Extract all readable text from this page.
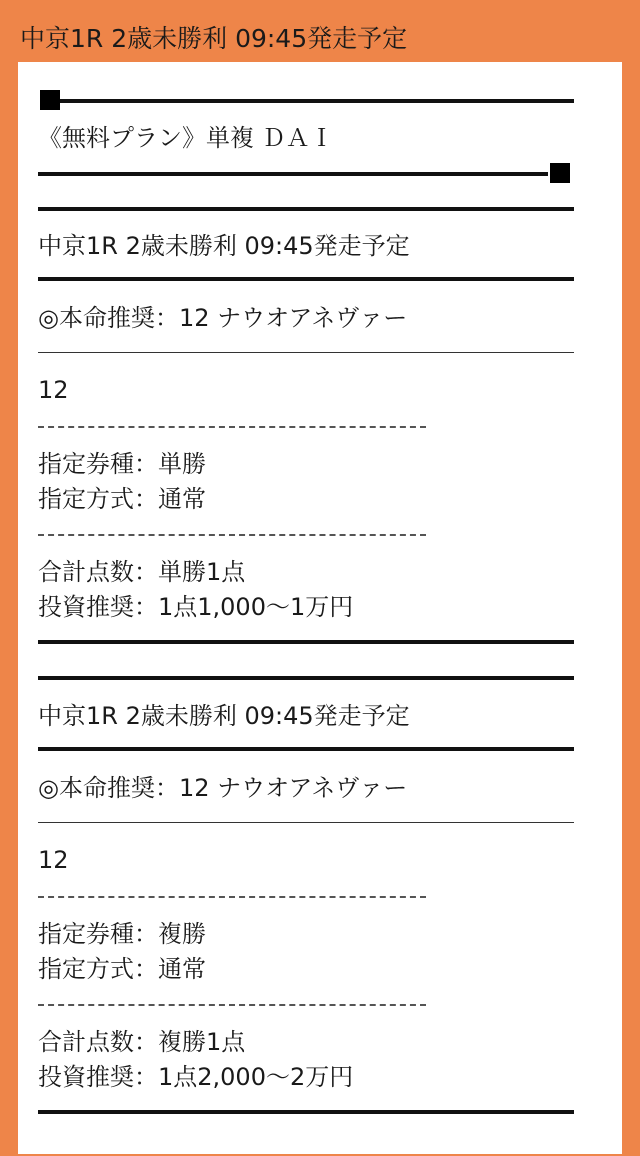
中京1R 2歳未勝利 09:45発走予定
《無料プラン》単複 ＤＡＩ
中京1R 2歳未勝利 09:45発走予定
◎本命推奨：12 ナウオアネヴァー
12
指定券種：単勝
指定方式：通常
合計点数：単勝1点
投資推奨：1点1,000〜1万円
中京1R 2歳未勝利 09:45発走予定
◎本命推奨：12 ナウオアネヴァー
12
指定券種：複勝
指定方式：通常
合計点数：複勝1点
投資推奨：1点2,000〜2万円
